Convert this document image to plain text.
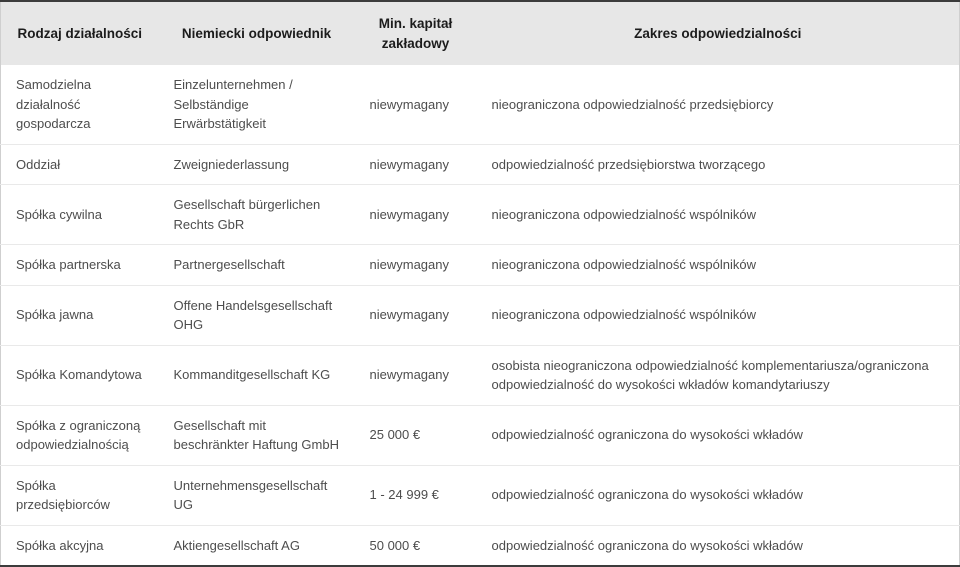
Rodzaj działalności	Niemiecki odpowiednik	Min. kapitał zakładowy	Zakres odpowiedzialności
Samodzielna działalność gospodarcza	Einzelunternehmen / Selbständige Erwärbstätigkeit	niewymagany	nieograniczona odpowiedzialność przedsiębiorcy
Oddział	Zweigniederlassung	niewymagany	odpowiedzialność przedsiębiorstwa tworzącego
Spółka cywilna	Gesellschaft bürgerlichen Rechts GbR	niewymagany	nieograniczona odpowiedzialność wspólników
Spółka partnerska	Partnergesellschaft	niewymagany	nieograniczona odpowiedzialność wspólników
Spółka jawna	Offene Handelsgesellschaft OHG	niewymagany	nieograniczona odpowiedzialność wspólników
Spółka Komandytowa	Kommanditgesellschaft KG	niewymagany	osobista nieograniczona odpowiedzialność komplementariusza/ograniczona odpowiedzialność do wysokości wkładów komandytariuszy
Spółka z ograniczoną odpowiedzialnością	Gesellschaft mit beschränkter Haftung GmbH	25 000 €	odpowiedzialność ograniczona do wysokości wkładów
Spółka przedsiębiorców	Unternehmensgesellschaft UG	1 - 24 999 €	odpowiedzialność ograniczona do wysokości wkładów
Spółka akcyjna	Aktiengesellschaft AG	50 000 €	odpowiedzialność ograniczona do wysokości wkładów
